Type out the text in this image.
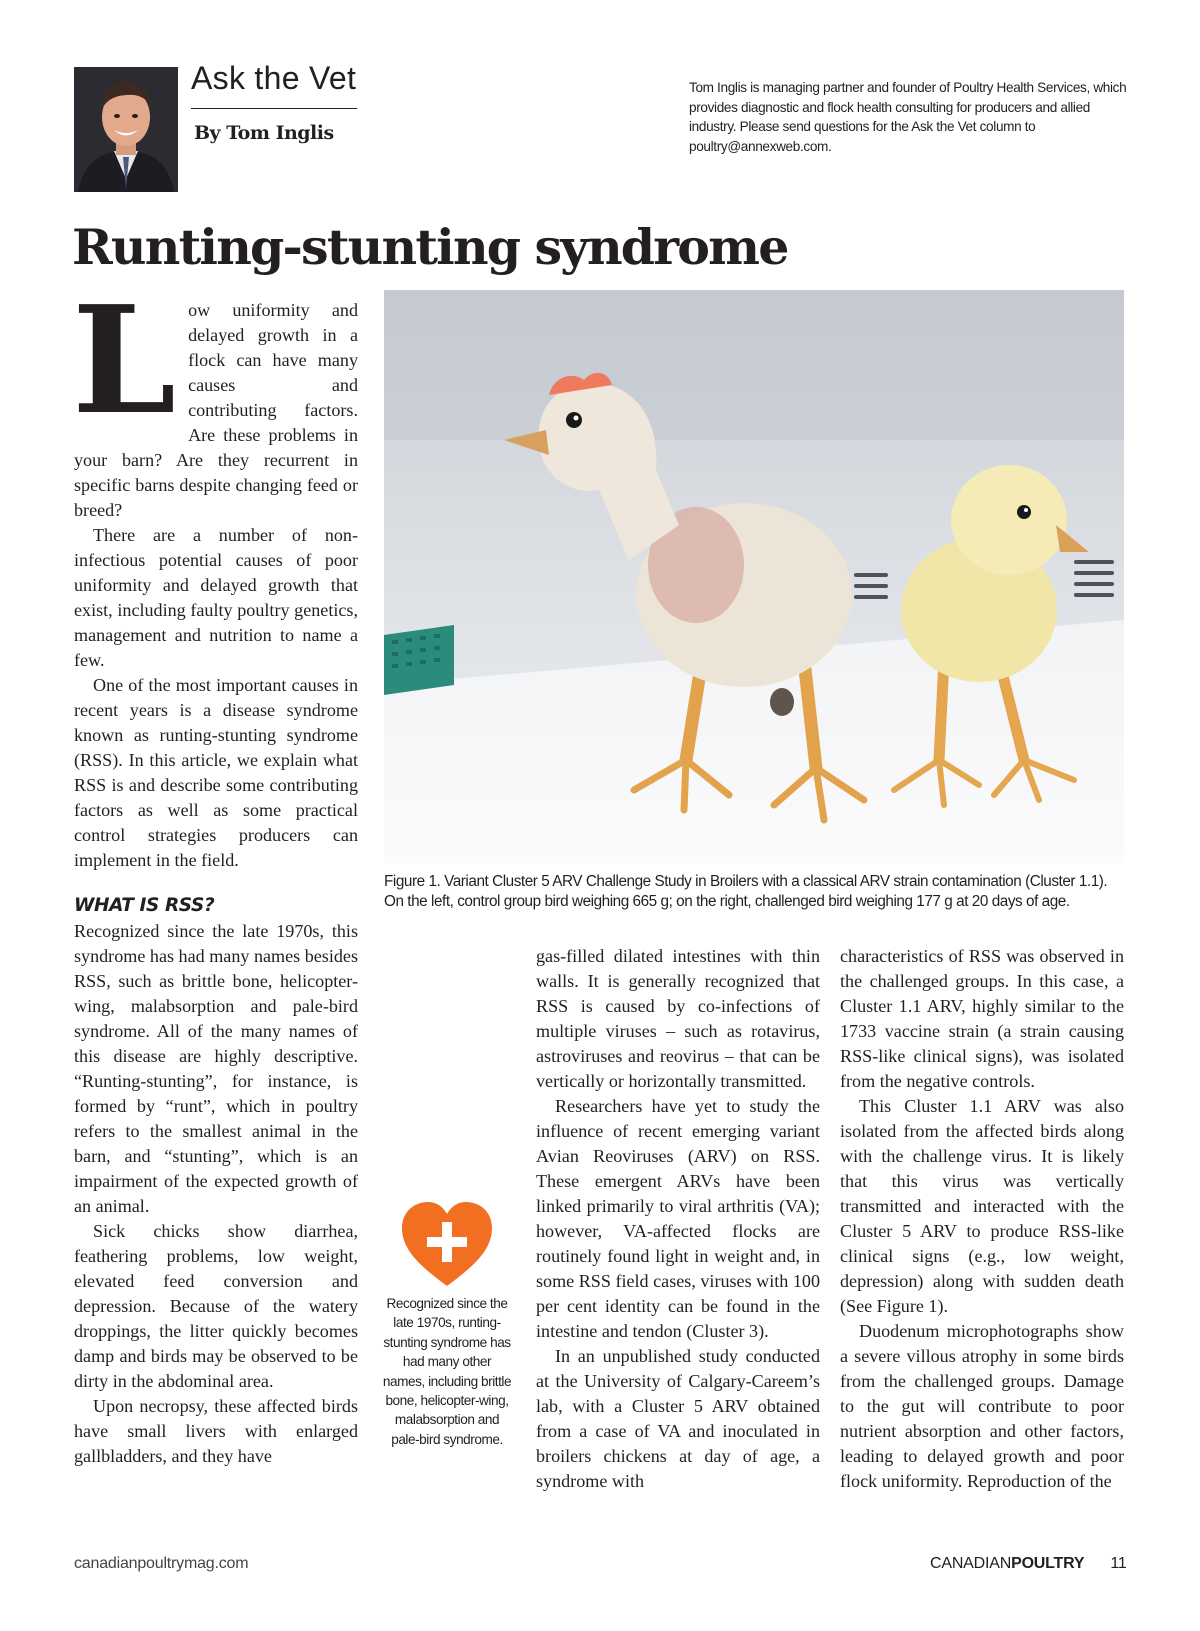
Ask the Vet
By Tom Inglis
Tom Inglis is managing partner and founder of Poultry Health Services, which provides diagnostic and flock health consulting for producers and allied industry. Please send questions for the Ask the Vet column to poultry@annexweb.com.
Runting-stunting syndrome
Figure 1. Variant Cluster 5 ARV Challenge Study in Broilers with a classical ARV strain contamination (Cluster 1.1). On the left, control group bird weighing 665 g; on the right, challenged bird weighing 177 g at 20 days of age.

Low uniformity and delayed growth in a flock can have many causes and contributing factors. Are these problems in your barn? Are they recurrent in specific barns despite changing feed or breed?

There are a number of non-infectious potential causes of poor uniformity and delayed growth that exist, including faulty poultry genetics, management and nutrition to name a few.

One of the most important causes in recent years is a disease syndrome known as runting-stunting syndrome (RSS). In this article, we explain what RSS is and describe some contributing factors as well as some practical control strategies producers can implement in the field.

WHAT IS RSS?

Recognized since the late 1970s, this syndrome has had many names besides RSS, such as brittle bone, helicopter-wing, malabsorption and pale-bird syndrome. All of the many names of this disease are highly descriptive. “Runting-stunting”, for instance, is formed by “runt”, which in poultry refers to the smallest animal in the barn, and “stunting”, which is an impairment of the expected growth of an animal.

Sick chicks show diarrhea, feathering problems, low weight, elevated feed conversion and depression. Because of the watery droppings, the litter quickly becomes damp and birds may be observed to be dirty in the abdominal area.

Upon necropsy, these affected birds have small livers with enlarged gallbladders, and they have

Recognized since the late 1970s, runting-stunting syndrome has had many other names, including brittle bone, helicopter-wing, malabsorption and pale-bird syndrome.

gas-filled dilated intestines with thin walls. It is generally recognized that RSS is caused by co-infections of multiple viruses – such as rotavirus, astroviruses and reovirus – that can be vertically or horizontally transmitted.

Researchers have yet to study the influence of recent emerging variant Avian Reoviruses (ARV) on RSS. These emergent ARVs have been linked primarily to viral arthritis (VA); however, VA-affected flocks are routinely found light in weight and, in some RSS field cases, viruses with 100 per cent identity can be found in the intestine and tendon (Cluster 3).

In an unpublished study conducted at the University of Calgary-Careem’s lab, with a Cluster 5 ARV obtained from a case of VA and inoculated in broilers chickens at day of age, a syndrome with

characteristics of RSS was observed in the challenged groups. In this case, a Cluster 1.1 ARV, highly similar to the 1733 vaccine strain (a strain causing RSS-like clinical signs), was isolated from the negative controls.

This Cluster 1.1 ARV was also isolated from the affected birds along with the challenge virus. It is likely that this virus was vertically transmitted and interacted with the Cluster 5 ARV to produce RSS-like clinical signs (e.g., low weight, depression) along with sudden death (See Figure 1).

Duodenum microphotographs show a severe villous atrophy in some birds from the challenged groups. Damage to the gut will contribute to poor nutrient absorption and other factors, leading to delayed growth and poor flock uniformity. Reproduction of the

canadianpoultrymag.com	CANADIANPOULTRY 11
